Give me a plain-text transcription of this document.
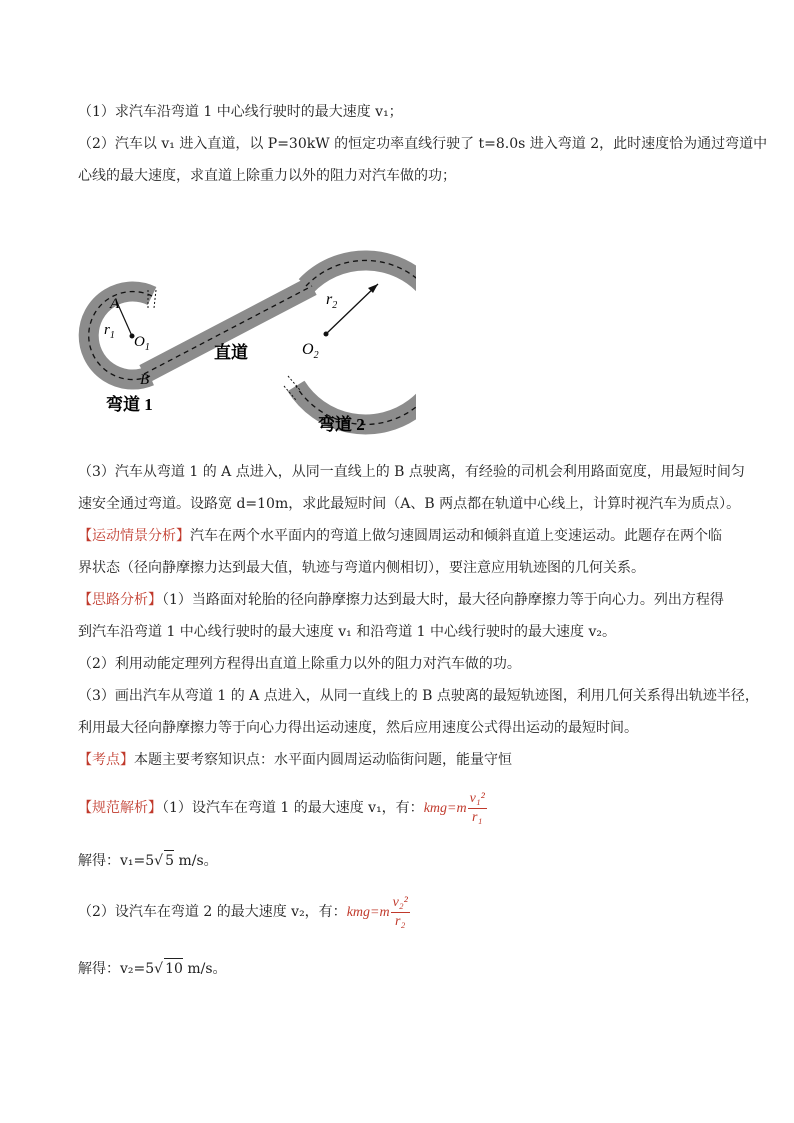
（1）求汽车沿弯道 1 中心线行驶时的最大速度 v₁；
（2）汽车以 v₁ 进入直道，以 P=30kW 的恒定功率直线行驶了 t=8.0s 进入弯道 2，此时速度恰为通过弯道中
心线的最大速度，求直道上除重力以外的阻力对汽车做的功；
A
B
$r_1$ $O_1$
$r_2$
$O_2$
直道
弯道 1
弯道 2
（3）汽车从弯道 1 的 A 点进入，从同一直线上的 B 点驶离，有经验的司机会利用路面宽度，用最短时间匀
速安全通过弯道。设路宽 d=10m，求此最短时间（A、B 两点都在轨道中心线上，计算时视汽车为质点）。
【运动情景分析】汽车在两个水平面内的弯道上做匀速圆周运动和倾斜直道上变速运动。此题存在两个临
界状态（径向静摩擦力达到最大值，轨迹与弯道内侧相切），要注意应用轨迹图的几何关系。
【思路分析】（1）当路面对轮胎的径向静摩擦力达到最大时，最大径向静摩擦力等于向心力。列出方程得
到汽车沿弯道 1 中心线行驶时的最大速度 v₁ 和沿弯道 1 中心线行驶时的最大速度 v₂。
（2）利用动能定理列方程得出直道上除重力以外的阻力对汽车做的功。
（3）画出汽车从弯道 1 的 A 点进入，从同一直线上的 B 点驶离的最短轨迹图，利用几何关系得出轨迹半径，
利用最大径向静摩擦力等于向心力得出运动速度，然后应用速度公式得出运动的最短时间。
【考点】本题主要考察知识点：水平面内圆周运动临街问题，能量守恒
【规范解析】（1）设汽车在弯道 1 的最大速度 v₁，有：$kmg=m \frac{\text{v₁²}}{\text{r₁}}$
解得：v₁=5√ 5 m/s。
（2）设汽车在弯道 2 的最大速度 v₂，有：$kmg=m \frac{\text{v₂²}}{\text{r₂}}$
解得：v₂=5√ 10 m/s。
